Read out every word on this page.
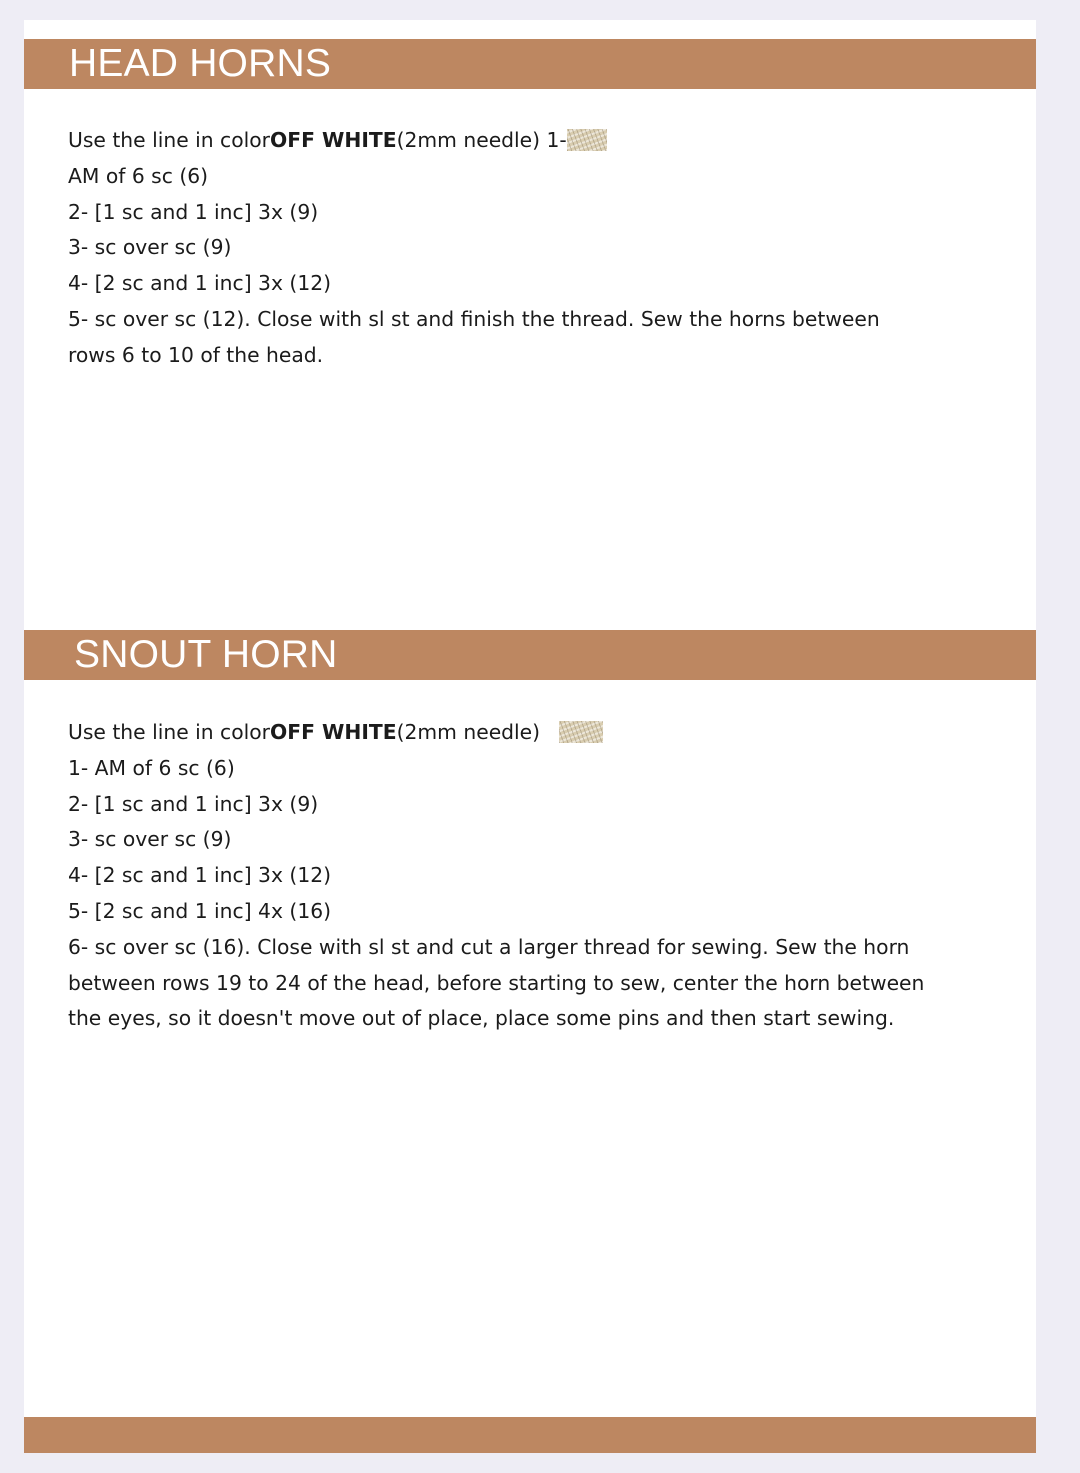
HEAD HORNS
Use the line in colorOFF WHITE(2mm needle) 1-
AM of 6 sc (6)
2- [1 sc and 1 inc] 3x (9)
3- sc over sc (9)
4- [2 sc and 1 inc] 3x (12)
5- sc over sc (12). Close with sl st and finish the thread. Sew the horns between rows 6 to 10 of the head.
SNOUT HORN
Use the line in colorOFF WHITE(2mm needle)
1- AM of 6 sc (6)
2- [1 sc and 1 inc] 3x (9)
3- sc over sc (9)
4- [2 sc and 1 inc] 3x (12)
5- [2 sc and 1 inc] 4x (16)
6- sc over sc (16). Close with sl st and cut a larger thread for sewing. Sew the horn between rows 19 to 24 of the head, before starting to sew, center the horn between the eyes, so it doesn't move out of place, place some pins and then start sewing.
